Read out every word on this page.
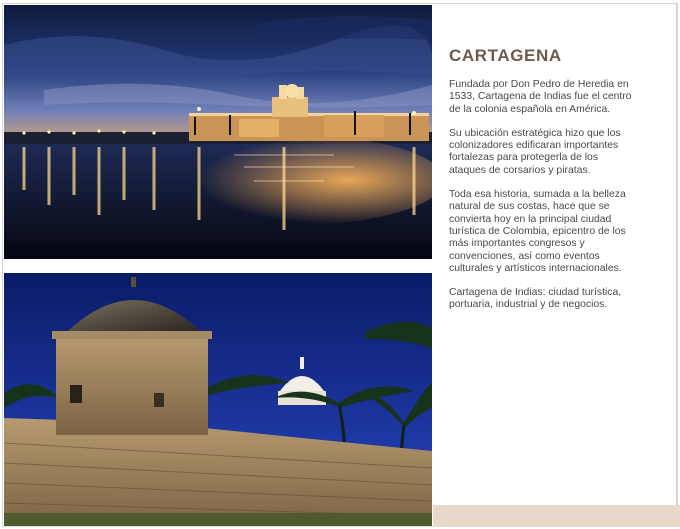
CARTAGENA

Fundada por Don Pedro de Heredia en 1533, Cartagena de Indias fue el centro de la colonia española en América.

Su ubicación estratégica hizo que los colonizadores edificaran importantes fortalezas para protegerla de los ataques de corsarios y piratas.

Toda esa historia, sumada a la belleza natural de sus costas, hace que se convierta hoy en la principal ciudad turística de Colombia, epicentro de los más importantes congresos y convenciones, así como eventos culturales y artísticos internacionales.

Cartagena de Indias: ciudad turística, portuaria, industrial y de negocios.
